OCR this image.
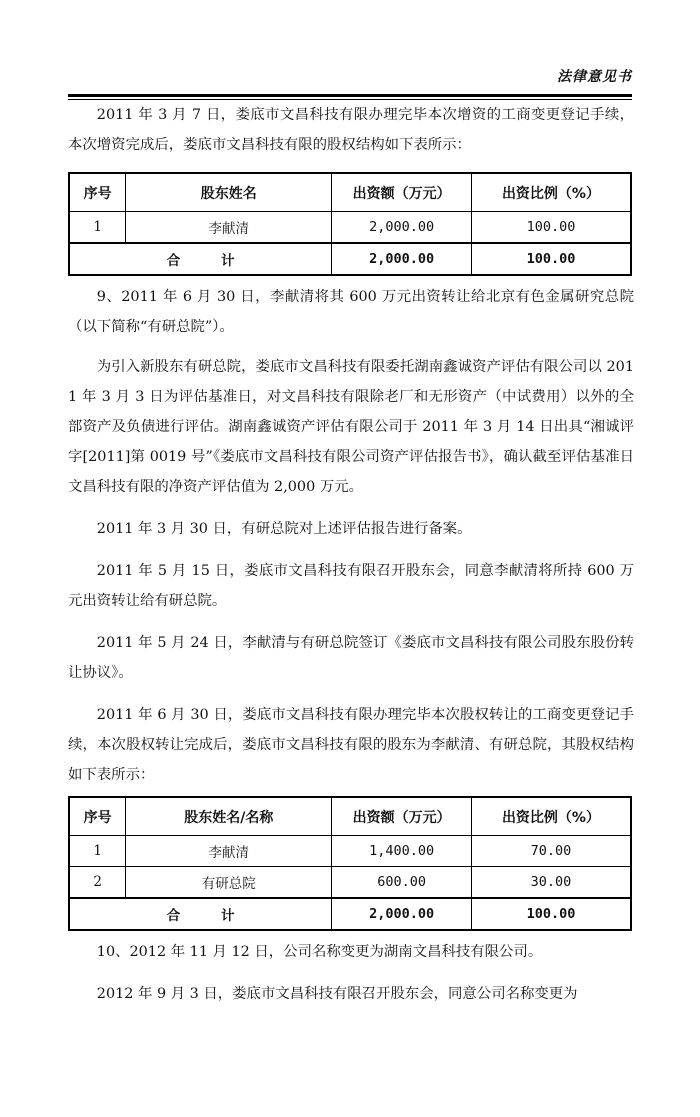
法律意见书

2011 年 3 月 7 日，娄底市文昌科技有限办理完毕本次增资的工商变更登记手续，本次增资完成后，娄底市文昌科技有限的股权结构如下表所示：

序号	股东姓名	出资额（万元）	出资比例（%）
1	李献清	2,000.00	100.00
合 计		2,000.00	100.00

9、2011 年 6 月 30 日，李献清将其 600 万元出资转让给北京有色金属研究总院（以下简称“有研总院”）。

为引入新股东有研总院，娄底市文昌科技有限委托湖南鑫诚资产评估有限公司以 2011 年 3 月 3 日为评估基准日，对文昌科技有限除老厂和无形资产（中试费用）以外的全部资产及负债进行评估。湖南鑫诚资产评估有限公司于 2011 年 3 月 14 日出具“湘诚评字[2011]第 0019 号”《娄底市文昌科技有限公司资产评估报告书》，确认截至评估基准日文昌科技有限的净资产评估值为 2,000 万元。

2011 年 3 月 30 日，有研总院对上述评估报告进行备案。

2011 年 5 月 15 日，娄底市文昌科技有限召开股东会，同意李献清将所持 600 万元出资转让给有研总院。

2011 年 5 月 24 日，李献清与有研总院签订《娄底市文昌科技有限公司股东股份转让协议》。

2011 年 6 月 30 日，娄底市文昌科技有限办理完毕本次股权转让的工商变更登记手续，本次股权转让完成后，娄底市文昌科技有限的股东为李献清、有研总院，其股权结构如下表所示：

序号	股东姓名/名称	出资额（万元）	出资比例（%）
1	李献清	1,400.00	70.00
2	有研总院	600.00	30.00
合 计		2,000.00	100.00

10、2012 年 11 月 12 日，公司名称变更为湖南文昌科技有限公司。

2012 年 9 月 3 日，娄底市文昌科技有限召开股东会，同意公司名称变更为
